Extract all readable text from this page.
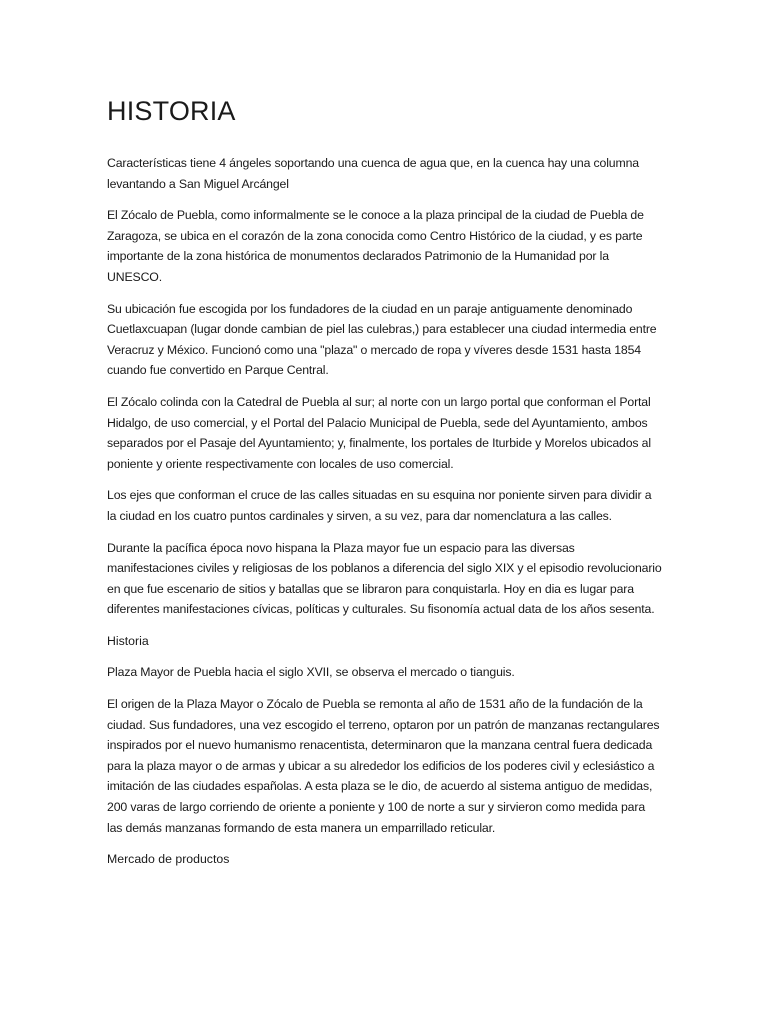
HISTORIA

Características tiene 4 ángeles soportando una cuenca de agua que, en la cuenca hay una columna levantando a San Miguel Arcángel

El Zócalo de Puebla, como informalmente se le conoce a la plaza principal de la ciudad de Puebla de Zaragoza, se ubica en el corazón de la zona conocida como Centro Histórico de la ciudad, y es parte importante de la zona histórica de monumentos declarados Patrimonio de la Humanidad por la UNESCO.

Su ubicación fue escogida por los fundadores de la ciudad en un paraje antiguamente denominado Cuetlaxcuapan (lugar donde cambian de piel las culebras,) para establecer una ciudad intermedia entre Veracruz y México. Funcionó como una "plaza" o mercado de ropa y víveres desde 1531 hasta 1854 cuando fue convertido en Parque Central.

El Zócalo colinda con la Catedral de Puebla al sur; al norte con un largo portal que conforman el Portal Hidalgo, de uso comercial, y el Portal del Palacio Municipal de Puebla, sede del Ayuntamiento, ambos separados por el Pasaje del Ayuntamiento; y, finalmente, los portales de Iturbide y Morelos ubicados al poniente y oriente respectivamente con locales de uso comercial.

Los ejes que conforman el cruce de las calles situadas en su esquina nor poniente sirven para dividir a la ciudad en los cuatro puntos cardinales y sirven, a su vez, para dar nomenclatura a las calles.

Durante la pacífica época novo hispana la Plaza mayor fue un espacio para las diversas manifestaciones civiles y religiosas de los poblanos a diferencia del siglo XIX y el episodio revolucionario en que fue escenario de sitios y batallas que se libraron para conquistarla. Hoy en dia es lugar para diferentes manifestaciones cívicas, políticas y culturales. Su fisonomía actual data de los años sesenta.

Historia

Plaza Mayor de Puebla hacia el siglo XVII, se observa el mercado o tianguis.

El origen de la Plaza Mayor o Zócalo de Puebla se remonta al año de 1531 año de la fundación de la ciudad. Sus fundadores, una vez escogido el terreno, optaron por un patrón de manzanas rectangulares inspirados por el nuevo humanismo renacentista, determinaron que la manzana central fuera dedicada para la plaza mayor o de armas y ubicar a su alrededor los edificios de los poderes civil y eclesiástico a imitación de las ciudades españolas. A esta plaza se le dio, de acuerdo al sistema antiguo de medidas, 200 varas de largo corriendo de oriente a poniente y 100 de norte a sur y sirvieron como medida para las demás manzanas formando de esta manera un emparrillado reticular.

Mercado de productos
